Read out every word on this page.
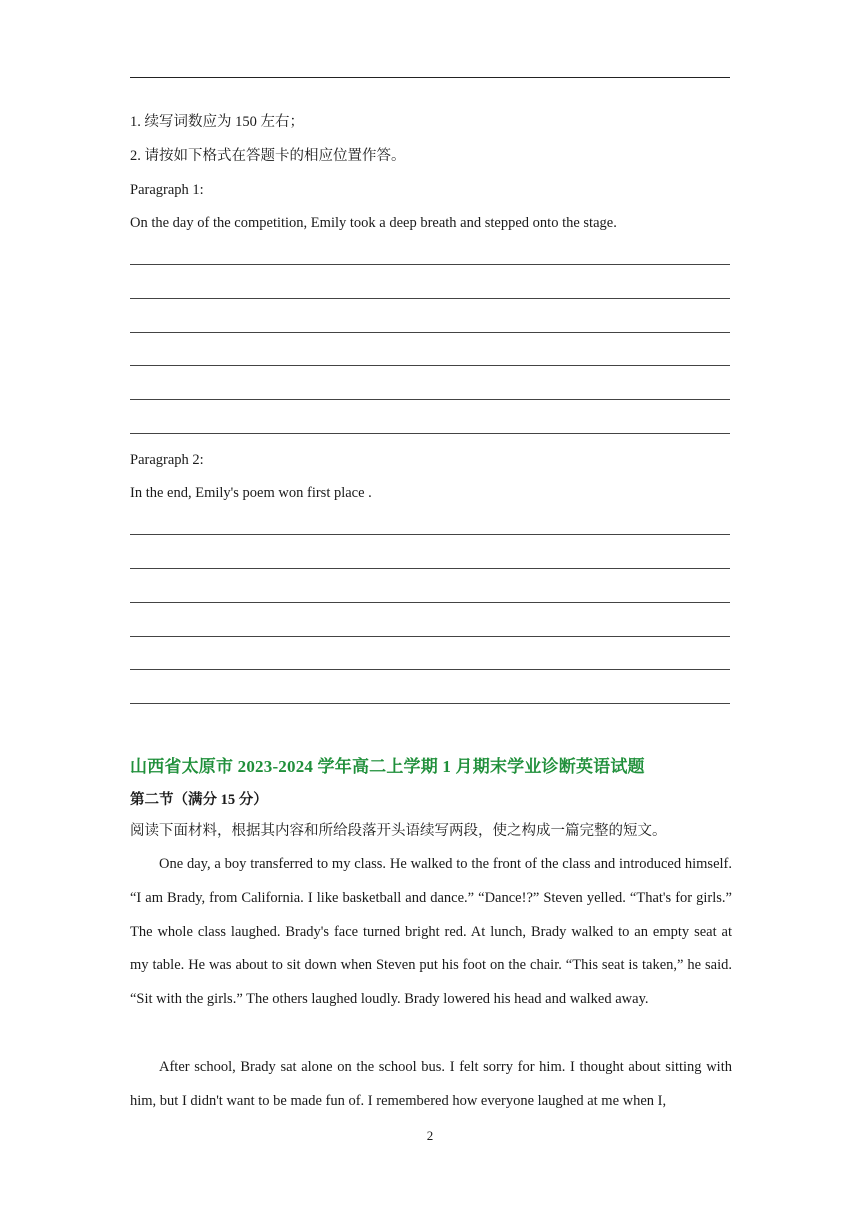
1. 续写词数应为 150 左右；
2. 请按如下格式在答题卡的相应位置作答。
Paragraph 1:
On the day of the competition, Emily took a deep breath and stepped onto the stage.
Paragraph 2:
In the end, Emily's poem won first place .
山西省太原市 2023-2024 学年高二上学期 1 月期末学业诊断英语试题
第二节（满分 15 分）
阅读下面材料，根据其内容和所给段落开头语续写两段，使之构成一篇完整的短文。

One day, a boy transferred to my class. He walked to the front of the class and introduced himself. “I am Brady, from California. I like basketball and dance.” “Dance!?” Steven yelled. “That's for girls.” The whole class laughed. Brady's face turned bright red. At lunch, Brady walked to an empty seat at my table. He was about to sit down when Steven put his foot on the chair. “This seat is taken,” he said. “Sit with the girls.” The others laughed loudly. Brady lowered his head and walked away.

After school, Brady sat alone on the school bus. I felt sorry for him. I thought about sitting with him, but I didn't want to be made fun of. I remembered how everyone laughed at me when I,

2
